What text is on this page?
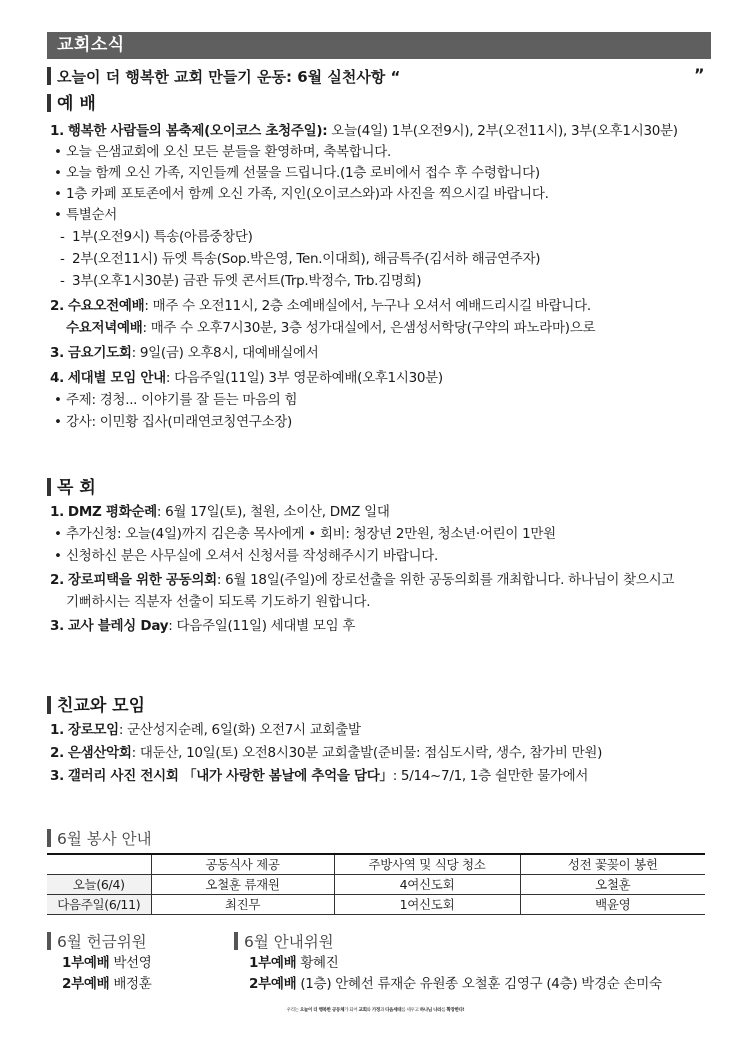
교회소식
오늘이 더 행복한 교회 만들기 운동: 6월 실천사항 “	”
예 배
1. 행복한 사람들의 봄축제(오이코스 초청주일): 오늘(4일) 1부(오전9시), 2부(오전11시), 3부(오후1시30분)
• 오늘 은샘교회에 오신 모든 분들을 환영하며, 축복합니다.
• 오늘 함께 오신 가족, 지인들께 선물을 드립니다.(1층 로비에서 접수 후 수령합니다)
• 1층 카페 포토존에서 함께 오신 가족, 지인(오이코스와)과 사진을 찍으시길 바랍니다.
• 특별순서
- 1부(오전9시) 특송(아름중창단)
- 2부(오전11시) 듀엣 특송(Sop.박은영, Ten.이대희), 해금특주(김서하 해금연주자)
- 3부(오후1시30분) 금관 듀엣 콘서트(Trp.박정수, Trb.김명희)
2. 수요오전예배: 매주 수 오전11시, 2층 소예배실에서, 누구나 오셔서 예배드리시길 바랍니다.
수요저녁예배: 매주 수 오후7시30분, 3층 성가대실에서, 은샘성서학당(구약의 파노라마)으로
3. 금요기도회: 9일(금) 오후8시, 대예배실에서
4. 세대별 모임 안내: 다음주일(11일) 3부 영문하예배(오후1시30분)
• 주제: 경청... 이야기를 잘 듣는 마음의 힘
• 강사: 이민황 집사(미래연코칭연구소장)
목 회
1. DMZ 평화순례: 6월 17일(토), 철원, 소이산, DMZ 일대
• 추가신청: 오늘(4일)까지 김은총 목사에게 • 회비: 청장년 2만원, 청소년·어린이 1만원
• 신청하신 분은 사무실에 오셔서 신청서를 작성해주시기 바랍니다.
2. 장로피택을 위한 공동의회: 6월 18일(주일)에 장로선출을 위한 공동의회를 개최합니다. 하나님이 찾으시고
기뻐하시는 직분자 선출이 되도록 기도하기 원합니다.
3. 교사 블레싱 Day: 다음주일(11일) 세대별 모임 후
친교와 모임
1. 장로모임: 군산성지순례, 6일(화) 오전7시 교회출발
2. 은샘산악회: 대둔산, 10일(토) 오전8시30분 교회출발(준비물: 점심도시락, 생수, 참가비 만원)
3. 갤러리 사진 전시회 「내가 사랑한 봄날에 추억을 담다」: 5/14~7/1, 1층 쉴만한 물가에서
6월 봉사 안내
	공동식사 제공	주방사역 및 식당 청소	성전 꽃꽂이 봉헌
오늘(6/4)	오철훈 류재원	4여신도회	오철훈
다음주일(6/11)	최진무	1여신도회	백윤영
6월 헌금위원
1부예배 박선영
2부예배 배정훈
6월 안내위원
1부예배 황혜진
2부예배 (1층) 안혜선 류재순 유원종 오철훈 김영구 (4층) 박경순 손미숙
우리는 오늘이 더 행복한 공동체가 되어 교회와 가정과 다음세대를 세우고 하나님 나라를 확장한다!
